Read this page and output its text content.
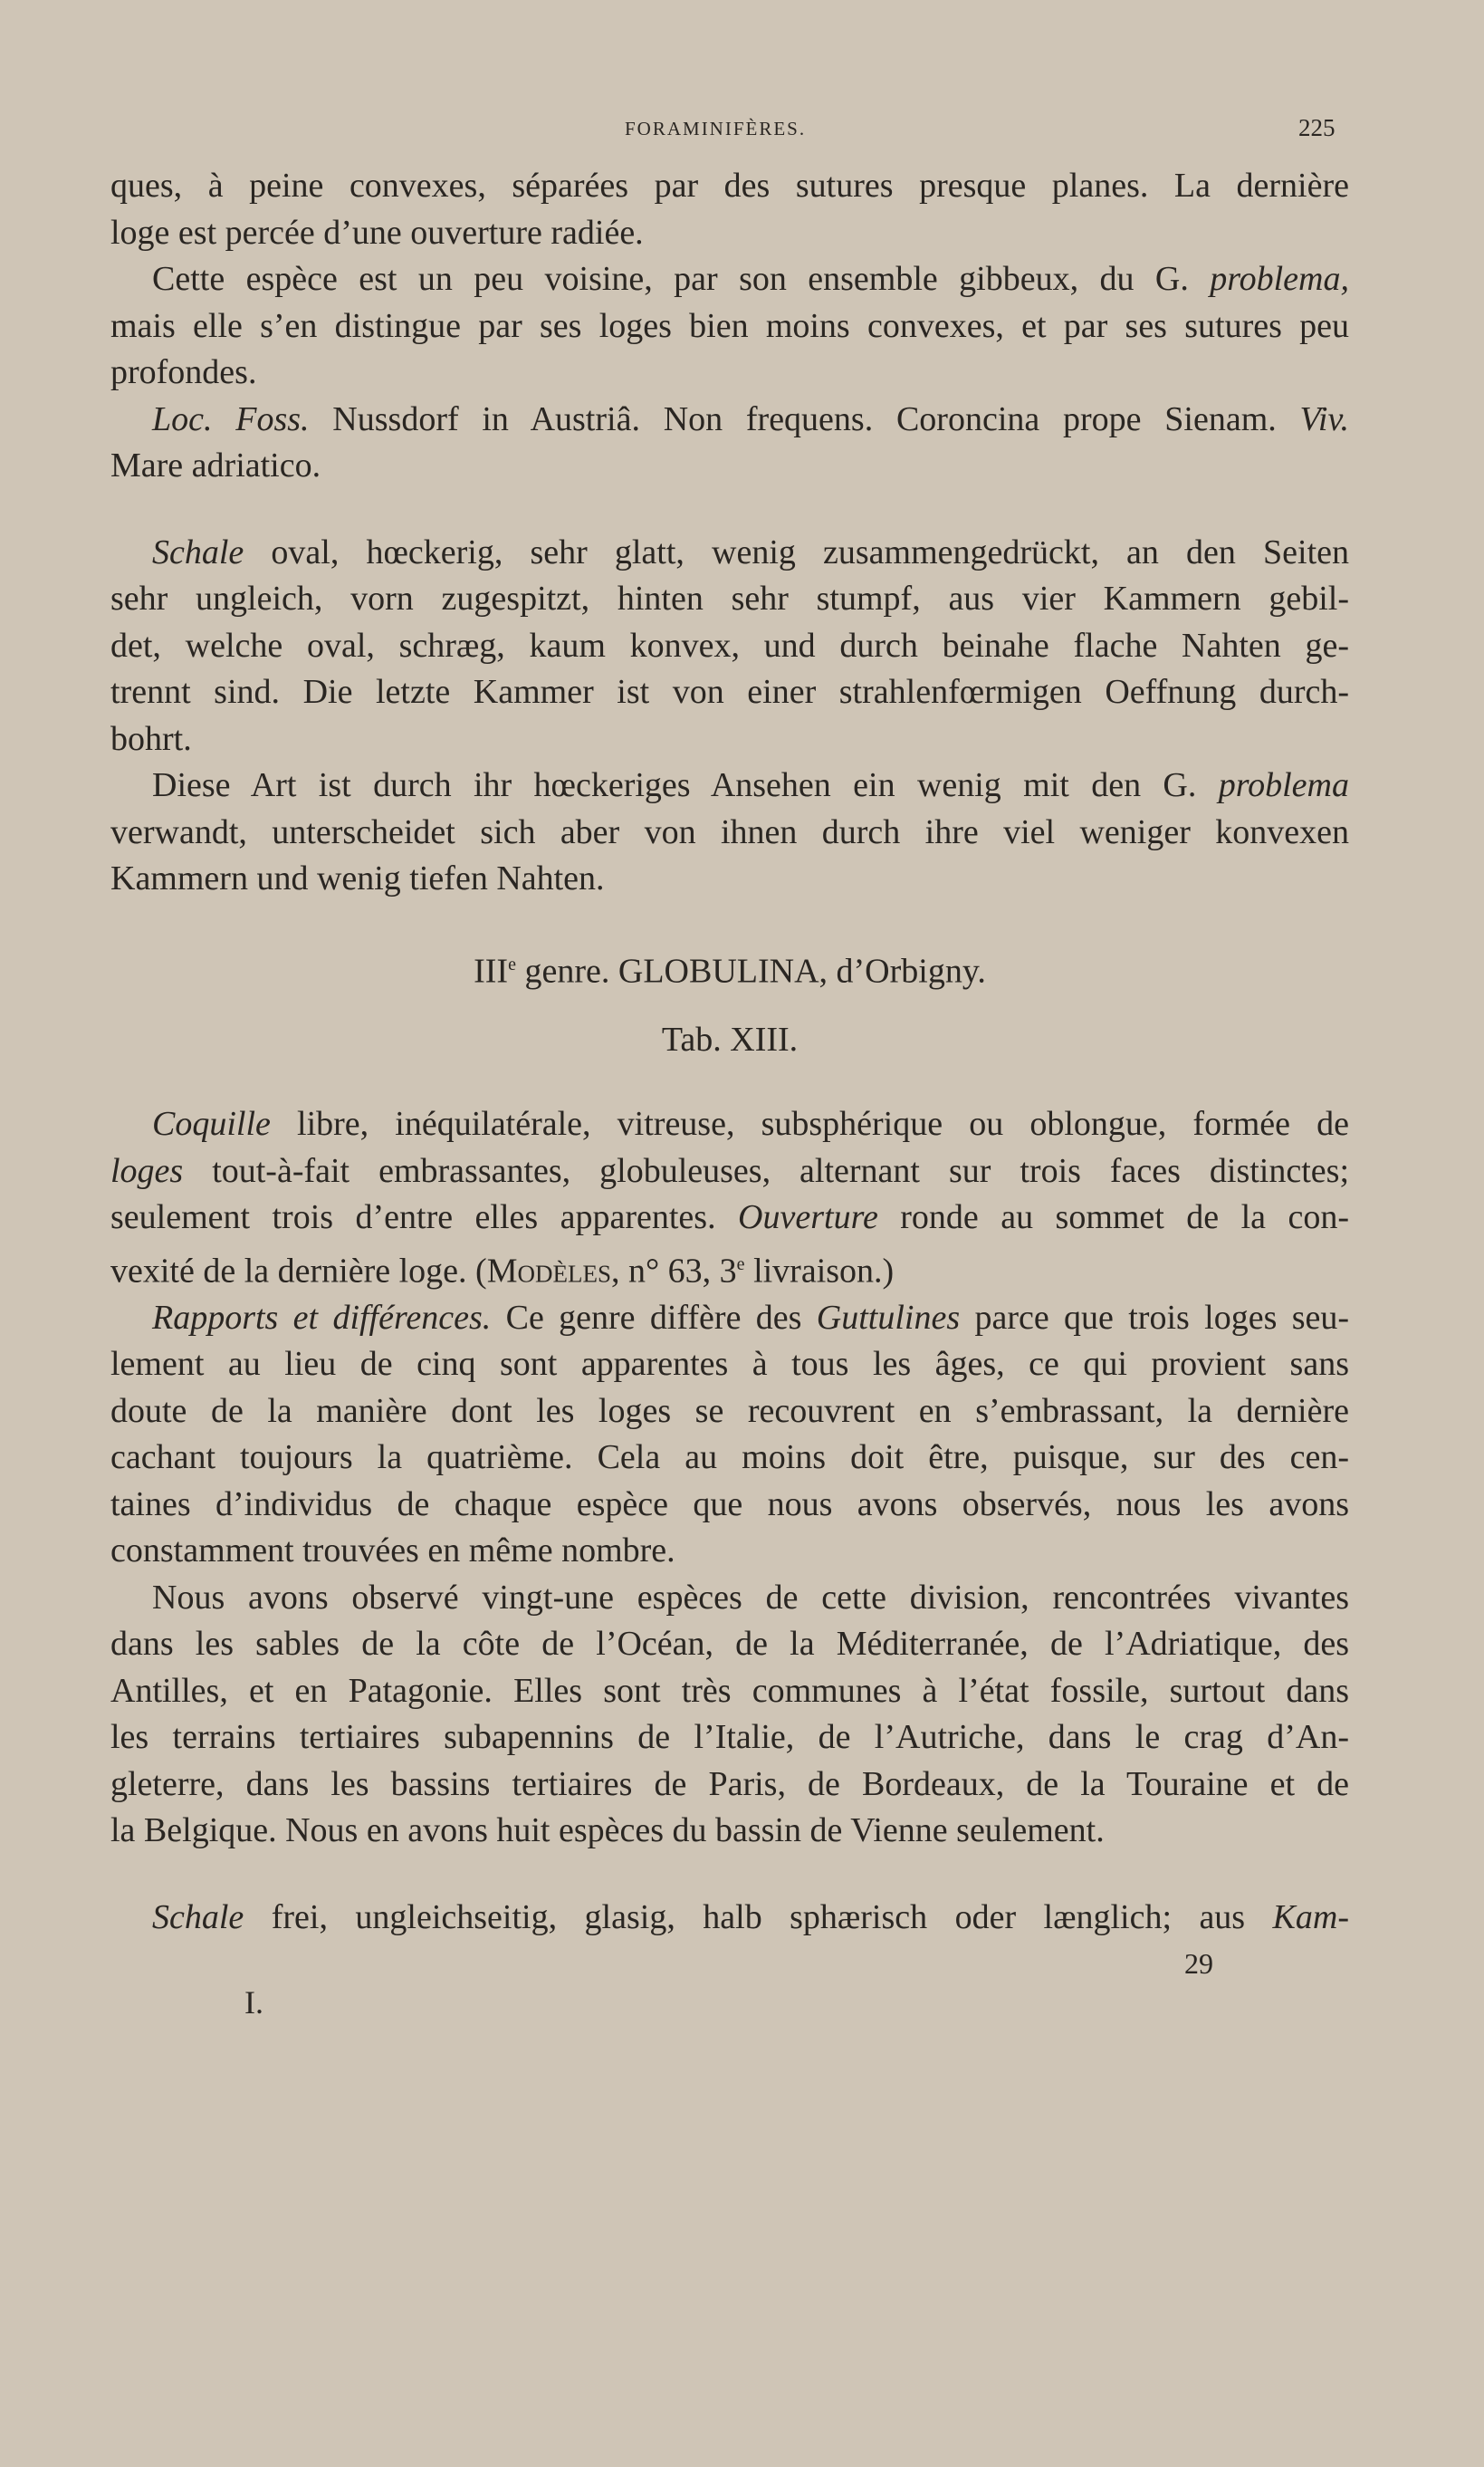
FORAMINIFÈRES.	225

ques, à peine convexes, séparées par des sutures presque planes. La dernière
loge est percée d’une ouverture radiée.

Cette espèce est un peu voisine, par son ensemble gibbeux, du G. problema,
mais elle s’en distingue par ses loges bien moins convexes, et par ses sutures peu
profondes.

Loc. Foss. Nussdorf in Austriâ. Non frequens. Coroncina prope Sienam. Viv.
Mare adriatico.

Schale oval, hœckerig, sehr glatt, wenig zusammengedrückt, an den Seiten
sehr ungleich, vorn zugespitzt, hinten sehr stumpf, aus vier Kammern gebil-
det, welche oval, schræg, kaum konvex, und durch beinahe flache Nahten ge-
trennt sind. Die letzte Kammer ist von einer strahlenfœrmigen Oeffnung durch-
bohrt.

Diese Art ist durch ihr hœckeriges Ansehen ein wenig mit den G. problema
verwandt, unterscheidet sich aber von ihnen durch ihre viel weniger konvexen
Kammern und wenig tiefen Nahten.

IIIe genre. GLOBULINA, d’Orbigny.

Tab. XIII.

Coquille libre, inéquilatérale, vitreuse, subsphérique ou oblongue, formée de
loges tout-à-fait embrassantes, globuleuses, alternant sur trois faces distinctes;
seulement trois d’entre elles apparentes. Ouverture ronde au sommet de la con-
vexité de la dernière loge. (Modèles, n° 63, 3e livraison.)

Rapports et différences. Ce genre diffère des Guttulines parce que trois loges seu-
lement au lieu de cinq sont apparentes à tous les âges, ce qui provient sans
doute de la manière dont les loges se recouvrent en s’embrassant, la dernière
cachant toujours la quatrième. Cela au moins doit être, puisque, sur des cen-
taines d’individus de chaque espèce que nous avons observés, nous les avons
constamment trouvées en même nombre.

Nous avons observé vingt-une espèces de cette division, rencontrées vivantes
dans les sables de la côte de l’Océan, de la Méditerranée, de l’Adriatique, des
Antilles, et en Patagonie. Elles sont très communes à l’état fossile, surtout dans
les terrains tertiaires subapennins de l’Italie, de l’Autriche, dans le crag d’An-
gleterre, dans les bassins tertiaires de Paris, de Bordeaux, de la Touraine et de
la Belgique. Nous en avons huit espèces du bassin de Vienne seulement.

Schale frei, ungleichseitig, glasig, halb sphærisch oder længlich; aus Kam-

I.
29
